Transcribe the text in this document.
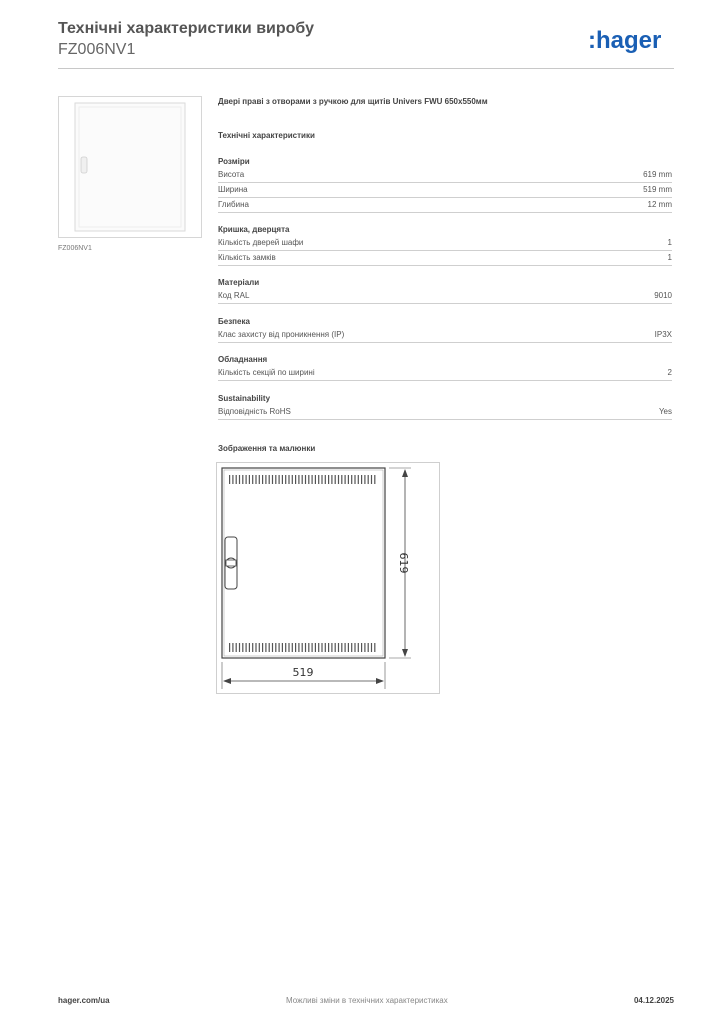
Технічні характеристики виробу
FZ006NV1	:hager
FZ006NV1
Двері праві з отворами з ручкою для щитів Univers FWU 650x550мм
Технічні характеристики
Розміри
Висота	619 mm
Ширина	519 mm
Глибина	12 mm
Кришка, дверцята
Кількість дверей шафи	1
Кількість замків	1
Матеріали
Код RAL	9010
Безпека
Клас захисту від проникнення (IP)	IP3X
Обладнання
Кількість секцій по ширині	2
Sustainability
Відповідність RoHS	Yes
Зображення та малюнки
619
519
hager.com/ua	Можливі зміни в технічних характеристиках	04.12.2025
